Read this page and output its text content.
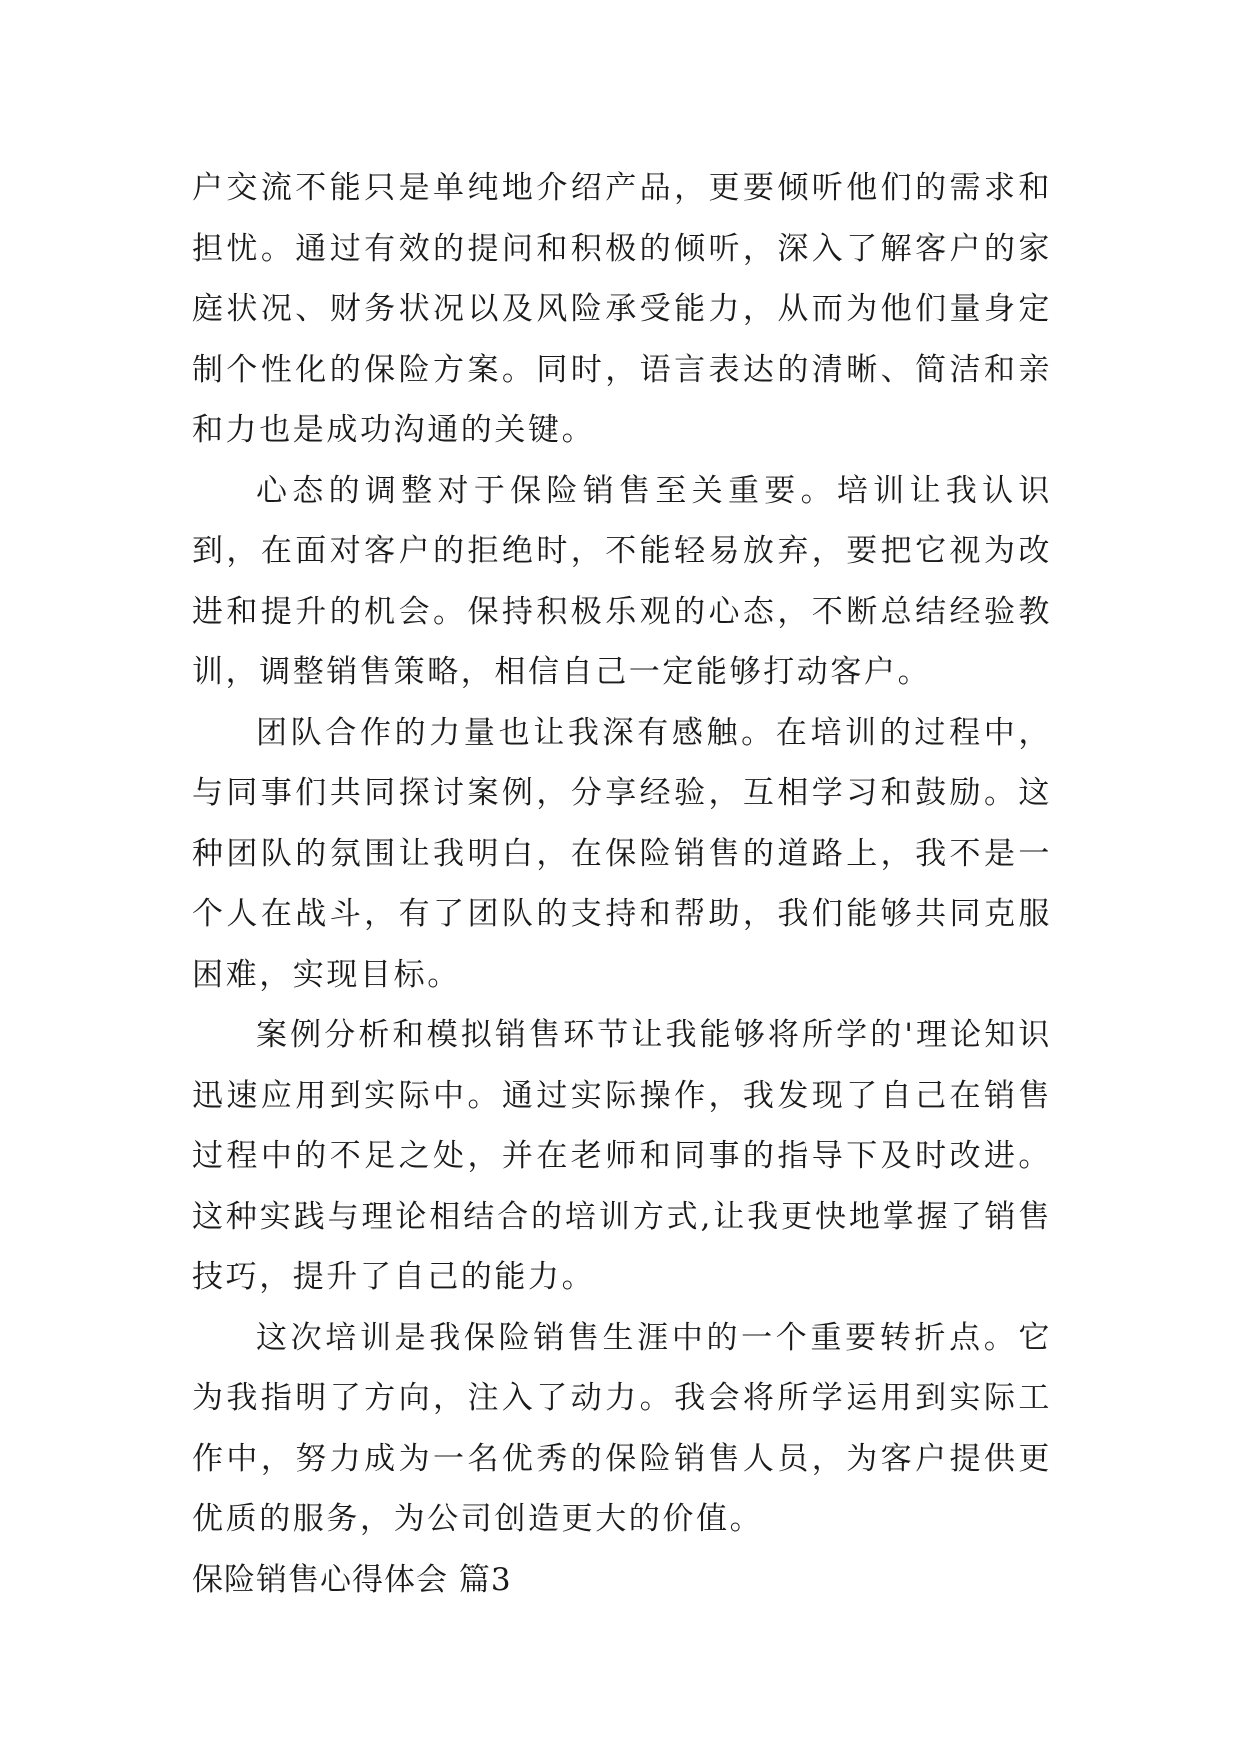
户交流不能只是单纯地介绍产品，更要倾听他们的需求和担忧。通过有效的提问和积极的倾听，深入了解客户的家庭状况、财务状况以及风险承受能力，从而为他们量身定制个性化的保险方案。同时，语言表达的清晰、简洁和亲和力也是成功沟通的关键。

心态的调整对于保险销售至关重要。培训让我认识到，在面对客户的拒绝时，不能轻易放弃，要把它视为改进和提升的机会。保持积极乐观的心态，不断总结经验教训，调整销售策略，相信自己一定能够打动客户。

团队合作的力量也让我深有感触。在培训的过程中，与同事们共同探讨案例，分享经验，互相学习和鼓励。这种团队的氛围让我明白，在保险销售的道路上，我不是一个人在战斗，有了团队的支持和帮助，我们能够共同克服困难，实现目标。

案例分析和模拟销售环节让我能够将所学的'理论知识迅速应用到实际中。通过实际操作，我发现了自己在销售过程中的不足之处，并在老师和同事的指导下及时改进。这种实践与理论相结合的培训方式,让我更快地掌握了销售技巧，提升了自己的能力。

这次培训是我保险销售生涯中的一个重要转折点。它为我指明了方向，注入了动力。我会将所学运用到实际工作中，努力成为一名优秀的保险销售人员，为客户提供更优质的服务，为公司创造更大的价值。

保险销售心得体会 篇3
